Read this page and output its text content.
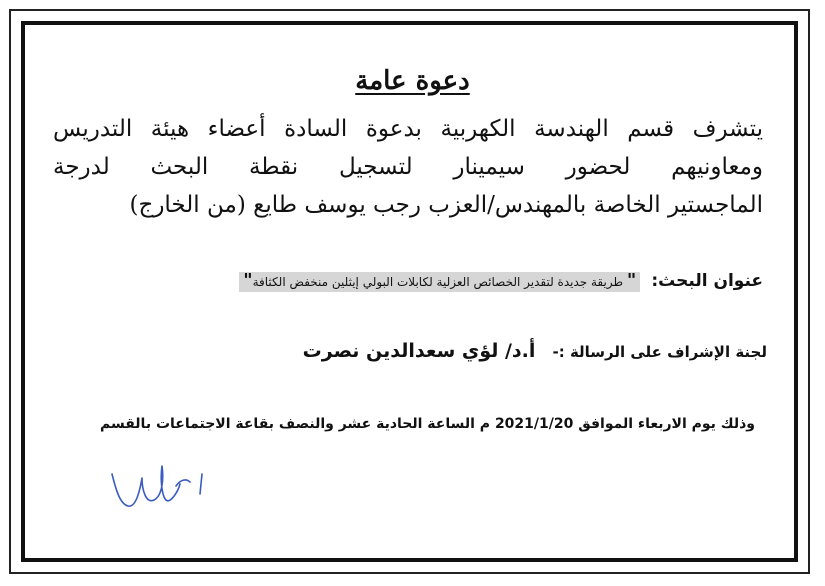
دعوة عامة
يتشرف قسم الهندسة الكهربية بدعوة السادة أعضاء هيئة التدريس
ومعاونيهم لحضور سيمينار لتسجيل نقطة البحث لدرجة
الماجستير الخاصة بالمهندس/العزب رجب يوسف طايع (من الخارج)
عنوان البحث: " طريقة جديدة لتقدير الخصائص العزلية لكابلات البولي إيثلين منخفض الكثافة"
لجنة الإشراف على الرسالة :- أ.د/ لؤي سعدالدين نصرت
وذلك يوم الاربعاء الموافق 2021/1/20 م الساعة الحادية عشر والنصف بقاعة الاجتماعات بالقسم
